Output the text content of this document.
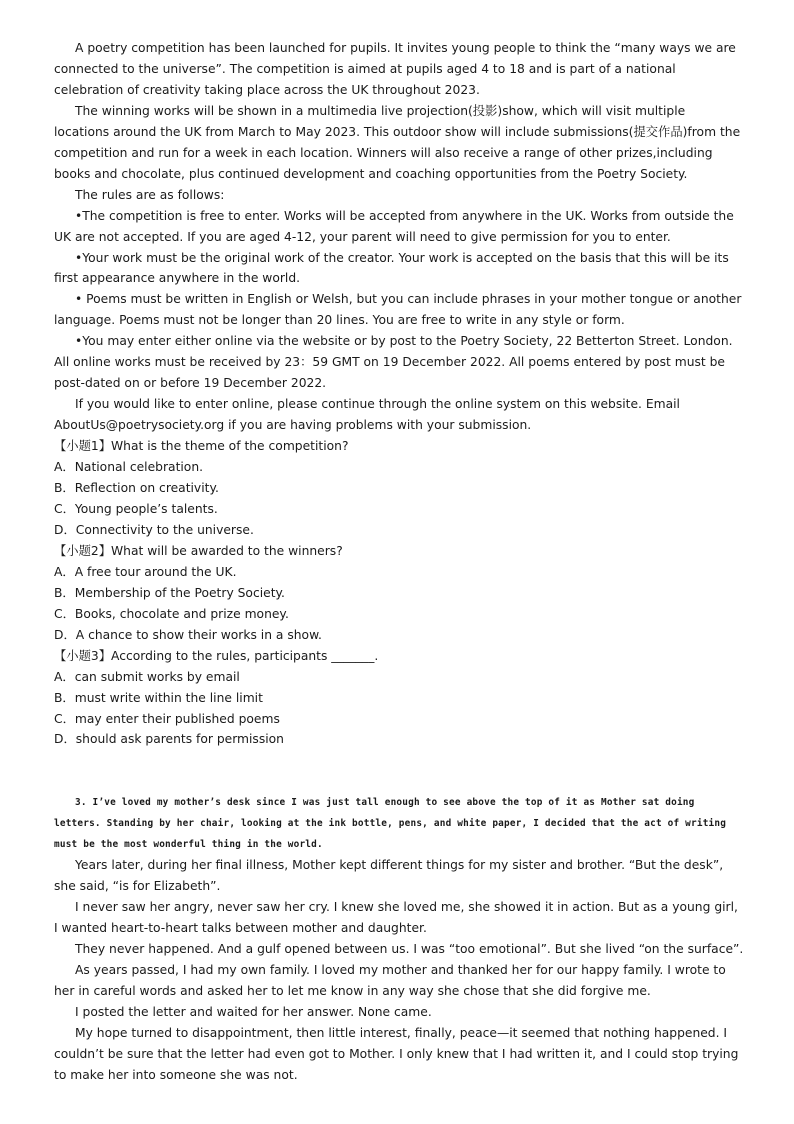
A poetry competition has been launched for pupils. It invites young people to think the “many ways we are connected to the universe”. The competition is aimed at pupils aged 4 to 18 and is part of a national celebration of creativity taking place across the UK throughout 2023.

The winning works will be shown in a multimedia live projection(投影)show, which will visit multiple locations around the UK from March to May 2023. This outdoor show will include submissions(提交作品)from the competition and run for a week in each location. Winners will also receive a range of other prizes,including books and chocolate, plus continued development and coaching opportunities from the Poetry Society.

The rules are as follows:

•The competition is free to enter. Works will be accepted from anywhere in the UK. Works from outside the UK are not accepted. If you are aged 4-12, your parent will need to give permission for you to enter.

•Your work must be the original work of the creator. Your work is accepted on the basis that this will be its first appearance anywhere in the world.

• Poems must be written in English or Welsh, but you can include phrases in your mother tongue or another language. Poems must not be longer than 20 lines. You are free to write in any style or form.

•You may enter either online via the website or by post to the Poetry Society, 22 Betterton Street. London. All online works must be received by 23：59 GMT on 19 December 2022. All poems entered by post must be post-dated on or before 19 December 2022.

If you would like to enter online, please continue through the online system on this website. Email AboutUs@poetrysociety.org if you are having problems with your submission.

【小题1】What is the theme of the competition?

A．National celebration.

B．Reflection on creativity.

C．Young people’s talents.

D．Connectivity to the universe.

【小题2】What will be awarded to the winners?

A．A free tour around the UK.

B．Membership of the Poetry Society.

C．Books, chocolate and prize money.

D．A chance to show their works in a show.

【小题3】According to the rules, participants _______.

A．can submit works by email

B．must write within the line limit

C．may enter their published poems

D．should ask parents for permission

3. I’ve loved my mother’s desk since I was just tall enough to see above the top of it as Mother sat doing letters. Standing by her chair, looking at the ink bottle, pens, and white paper, I decided that the act of writing must be the most wonderful thing in the world.

Years later, during her final illness, Mother kept different things for my sister and brother. “But the desk”, she said, “is for Elizabeth”.

I never saw her angry, never saw her cry. I knew she loved me, she showed it in action. But as a young girl, I wanted heart-to-heart talks between mother and daughter.

They never happened. And a gulf opened between us. I was “too emotional”. But she lived “on the surface”.

As years passed, I had my own family. I loved my mother and thanked her for our happy family. I wrote to her in careful words and asked her to let me know in any way she chose that she did forgive me.

I posted the letter and waited for her answer. None came.

My hope turned to disappointment, then little interest, finally, peace—it seemed that nothing happened. I couldn’t be sure that the letter had even got to Mother. I only knew that I had written it, and I could stop trying to make her into someone she was not.
